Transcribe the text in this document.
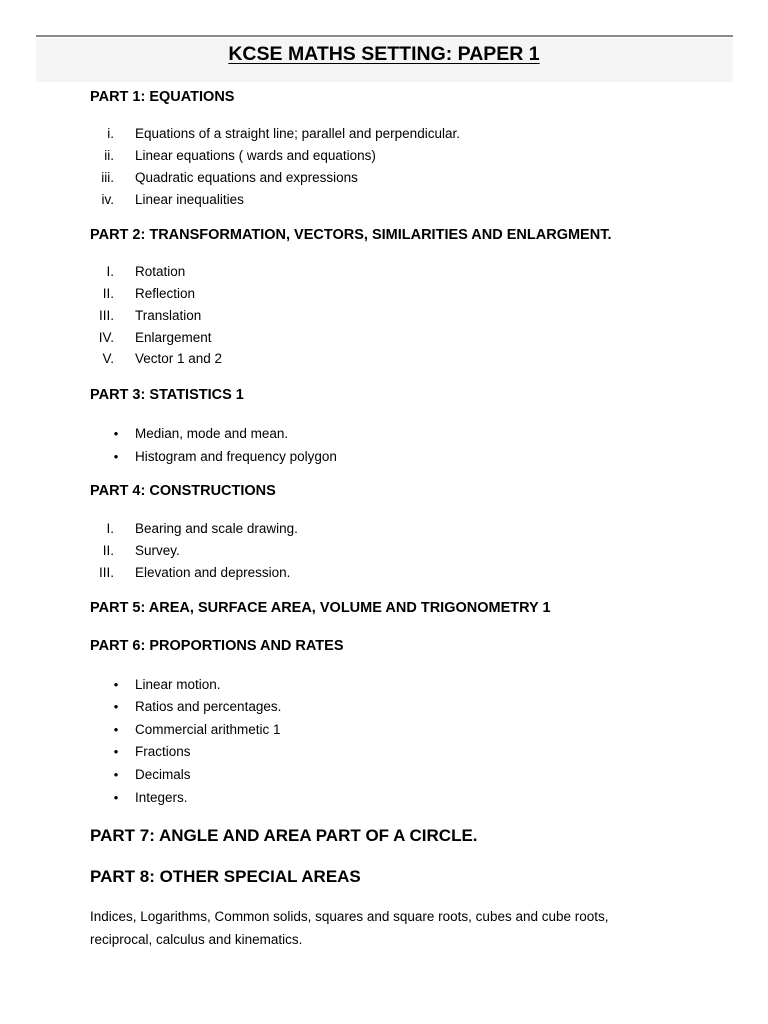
KCSE MATHS SETTING: PAPER 1
PART 1: EQUATIONS
i. Equations of a straight line; parallel and perpendicular.
ii. Linear equations ( wards and equations)
iii. Quadratic equations and expressions
iv. Linear inequalities
PART 2: TRANSFORMATION, VECTORS, SIMILARITIES AND ENLARGMENT.
I. Rotation
II. Reflection
III. Translation
IV. Enlargement
V. Vector 1 and 2
PART 3: STATISTICS 1
•	Median, mode and mean.
•	Histogram and frequency polygon
PART 4: CONSTRUCTIONS
I. Bearing and scale drawing.
II. Survey.
III. Elevation and depression.
PART 5: AREA, SURFACE AREA, VOLUME AND TRIGONOMETRY 1
PART 6: PROPORTIONS AND RATES
•	Linear motion.
•	Ratios and percentages.
•	Commercial arithmetic 1
•	Fractions
•	Decimals
•	Integers.
PART 7: ANGLE AND AREA PART OF A CIRCLE.
PART 8: OTHER SPECIAL AREAS

Indices, Logarithms, Common solids, squares and square roots, cubes and cube roots, reciprocal, calculus and kinematics.
